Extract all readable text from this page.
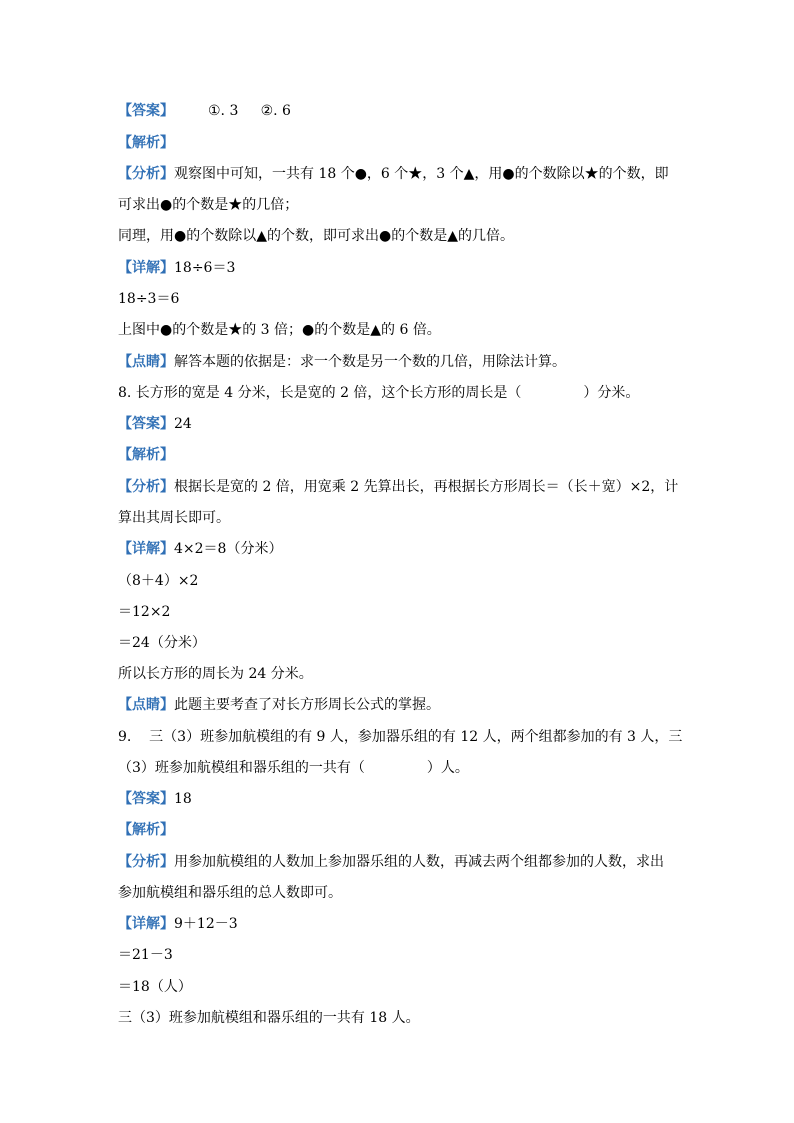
【答案】 ①. 3     ②. 6
【解析】
【分析】观察图中可知，一共有 18 个●，6 个★，3 个▲，用●的个数除以★的个数，即
可求出●的个数是★的几倍；
同理，用●的个数除以▲的个数，即可求出●的个数是▲的几倍。
【详解】18÷6＝3
18÷3＝6
上图中●的个数是★的 3 倍；●的个数是▲的 6 倍。
【点睛】解答本题的依据是：求一个数是另一个数的几倍，用除法计算。
8. 长方形的宽是 4 分米，长是宽的 2 倍，这个长方形的周长是（	）分米。
【答案】24
【解析】
【分析】根据长是宽的 2 倍，用宽乘 2 先算出长，再根据长方形周长＝（长＋宽）×2，计
算出其周长即可。
【详解】4×2＝8（分米）
（8＋4）×2
＝12×2
＝24（分米）
所以长方形的周长为 24 分米。
【点睛】此题主要考查了对长方形周长公式的掌握。
9.    三（3）班参加航模组的有 9 人，参加器乐组的有 12 人，两个组都参加的有 3 人，三
（3）班参加航模组和器乐组的一共有（	）人。
【答案】18
【解析】
【分析】用参加航模组的人数加上参加器乐组的人数，再减去两个组都参加的人数，求出
参加航模组和器乐组的总人数即可。
【详解】9＋12－3
＝21－3
＝18（人）
三（3）班参加航模组和器乐组的一共有 18 人。
